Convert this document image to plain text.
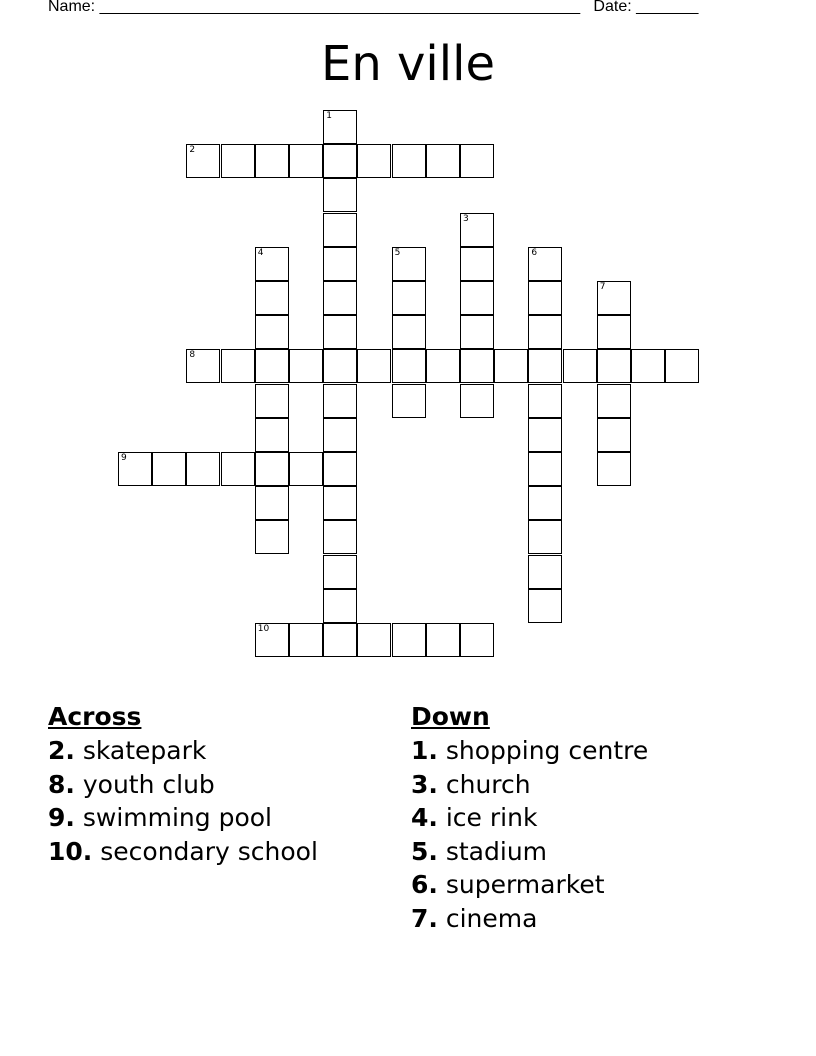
Name: ______________________________________________________   Date: _______
En ville
1
2
3
4	5	6
7
8
9
10
Across
2. skatepark
8. youth club
9. swimming pool
10. secondary school
Down
1. shopping centre
3. church
4. ice rink
5. stadium
6. supermarket
7. cinema
